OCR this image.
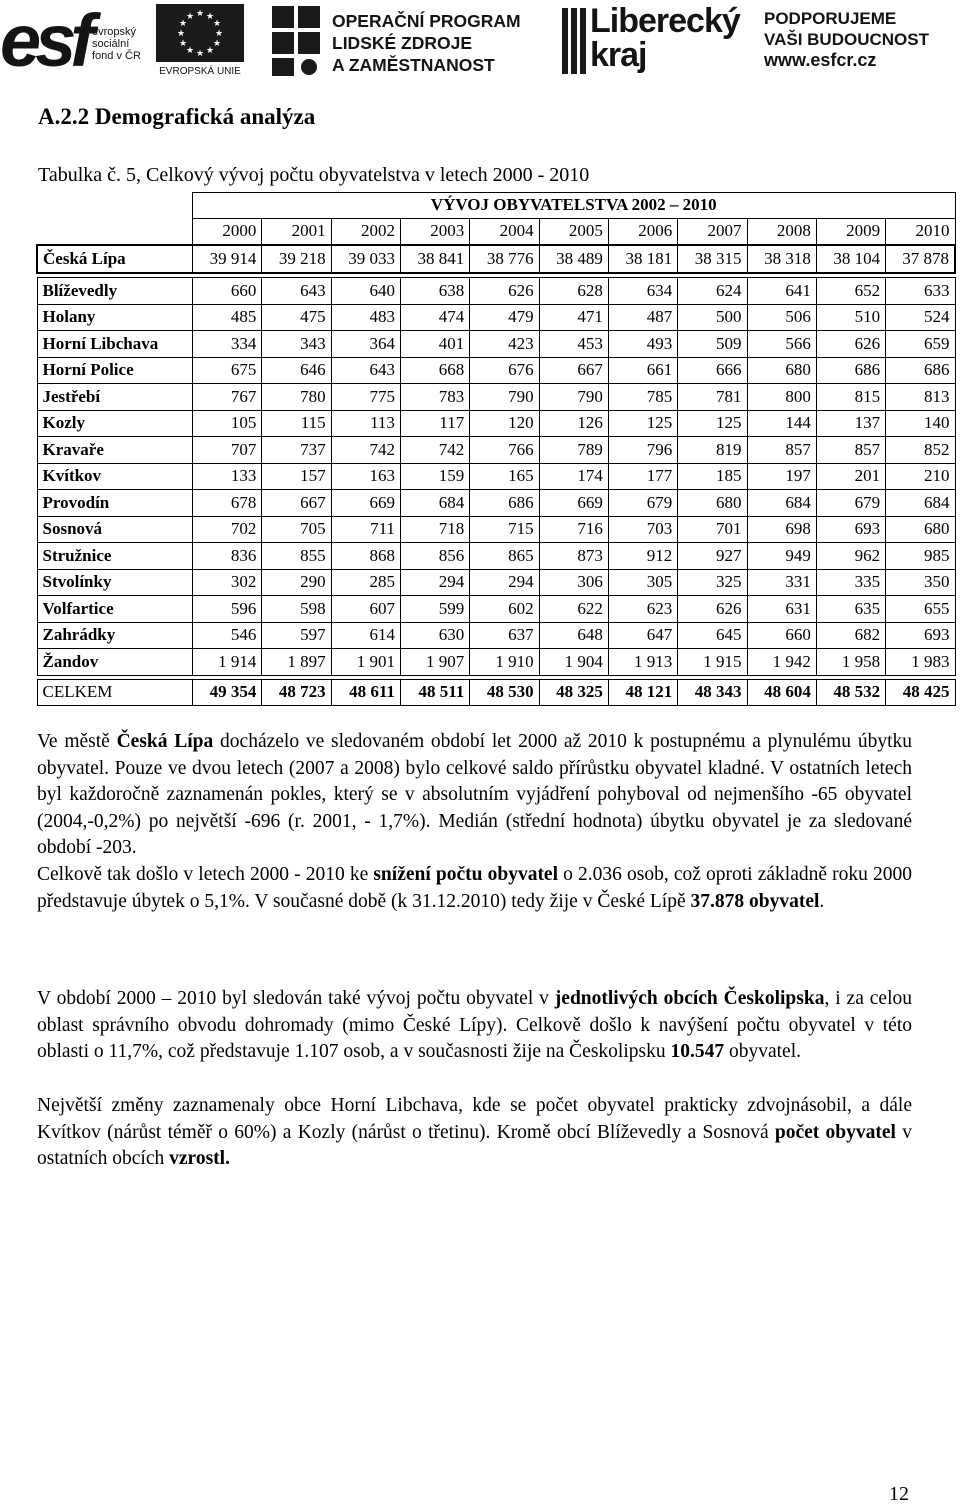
esf evropský
sociální
fond v ČR
★ ★
★
★
★
★
★
★
★
★
★
★
EVROPSKÁ UNIE
OPERAČNÍ PROGRAM
LIDSKÉ ZDROJE
A ZAMĚSTNANOST
Liberecký
kraj
PODPORUJEME
VAŠI BUDOUCNOST
www.esfcr.cz
A.2.2 Demografická analýza
Tabulka č. 5, Celkový vývoj počtu obyvatelstva v letech 2000 - 2010
	VÝVOJ OBYVATELSTVA 2002 – 2010										
	2000	2001	2002	2003	2004	2005	2006	2007	2008	2009	2010
Česká Lípa	39 914	39 218	39 033	38 841	38 776	38 489	38 181	38 315	38 318	38 104	37 878

Blíževedly	660	643	640	638	626	628	634	624	641	652	633
Holany	485	475	483	474	479	471	487	500	506	510	524
Horní Libchava	334	343	364	401	423	453	493	509	566	626	659
Horní Police	675	646	643	668	676	667	661	666	680	686	686
Jestřebí	767	780	775	783	790	790	785	781	800	815	813
Kozly	105	115	113	117	120	126	125	125	144	137	140
Kravaře	707	737	742	742	766	789	796	819	857	857	852
Kvítkov	133	157	163	159	165	174	177	185	197	201	210
Provodín	678	667	669	684	686	669	679	680	684	679	684
Sosnová	702	705	711	718	715	716	703	701	698	693	680
Stružnice	836	855	868	856	865	873	912	927	949	962	985
Stvolínky	302	290	285	294	294	306	305	325	331	335	350
Volfartice	596	598	607	599	602	622	623	626	631	635	655
Zahrádky	546	597	614	630	637	648	647	645	660	682	693
Žandov	1 914	1 897	1 901	1 907	1 910	1 904	1 913	1 915	1 942	1 958	1 983

CELKEM	49 354	48 723	48 611	48 511	48 530	48 325	48 121	48 343	48 604	48 532	48 425

Ve městě Česká Lípa docházelo ve sledovaném období let 2000 až 2010 k postupnému a plynulému úbytku obyvatel. Pouze ve dvou letech (2007 a 2008) bylo celkové saldo přírůstku obyvatel kladné. V ostatních letech byl každoročně zaznamenán pokles, který se v absolutním vyjádření pohyboval od nejmenšího -65 obyvatel (2004,-0,2%) po největší -696 (r. 2001, - 1,7%). Medián (střední hodnota) úbytku obyvatel je za sledované období -203.

Celkově tak došlo v letech 2000 - 2010 ke snížení počtu obyvatel o 2.036 osob, což oproti základně roku 2000 představuje úbytek o 5,1%. V současné době (k 31.12.2010) tedy žije v České Lípě 37.878 obyvatel.

V období 2000 – 2010 byl sledován také vývoj počtu obyvatel v jednotlivých obcích Českolipska, i za celou oblast správního obvodu dohromady (mimo České Lípy). Celkově došlo k navýšení počtu obyvatel v této oblasti o 11,7%, což představuje 1.107 osob, a v současnosti žije na Českolipsku 10.547 obyvatel.

Největší změny zaznamenaly obce Horní Libchava, kde se počet obyvatel prakticky zdvojnásobil, a dále Kvítkov (nárůst téměř o 60%) a Kozly (nárůst o třetinu). Kromě obcí Blíževedly a Sosnová počet obyvatel v ostatních obcích vzrostl.

12
